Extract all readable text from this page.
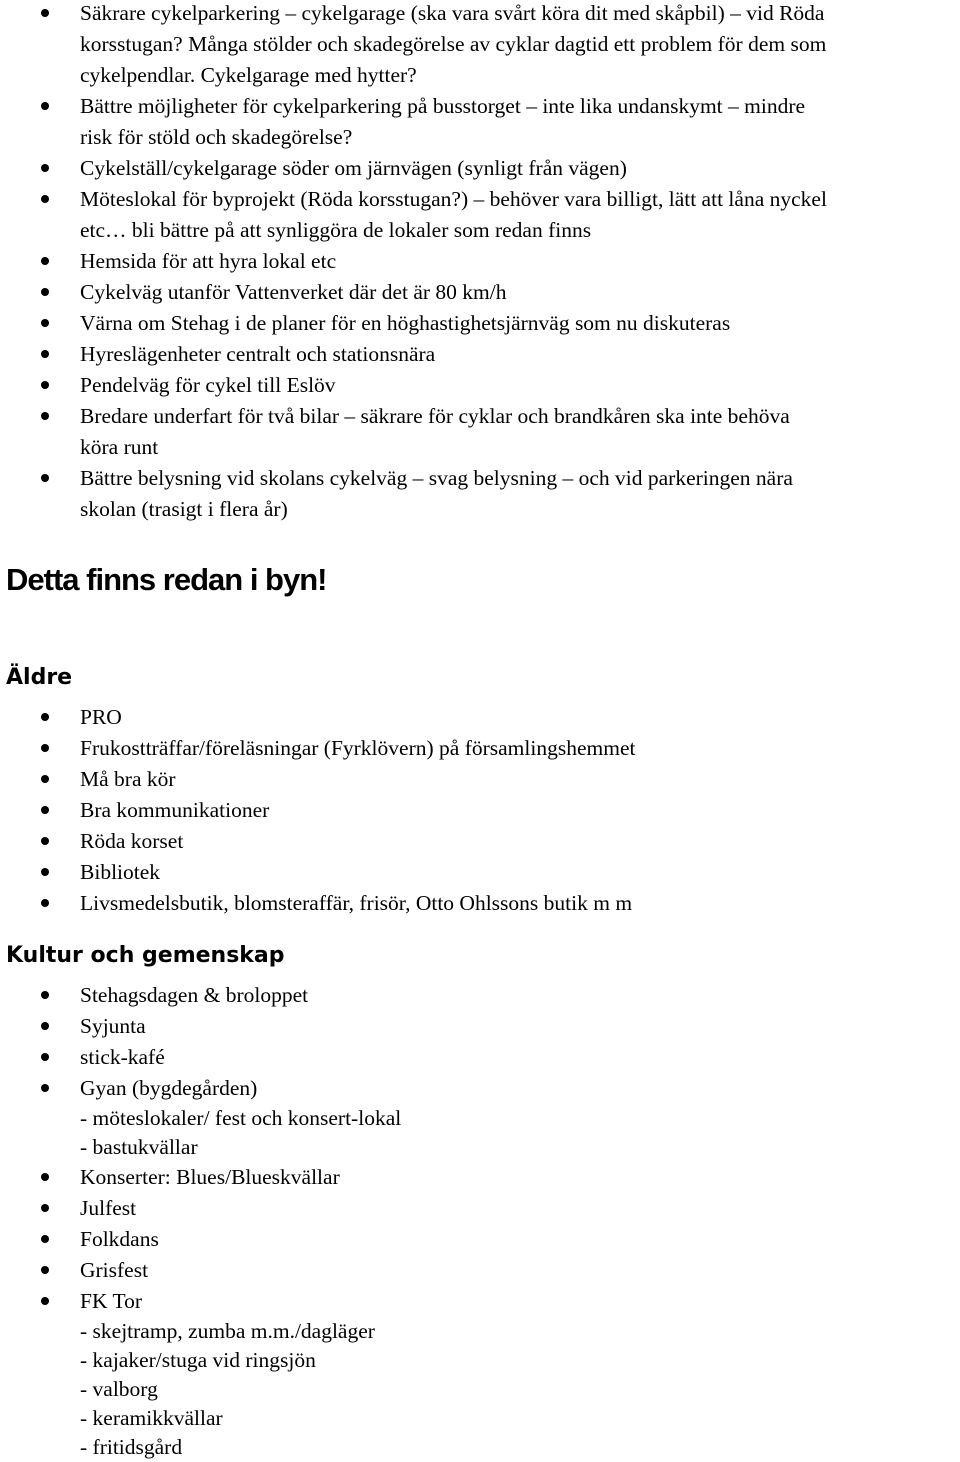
Säkrare cykelparkering – cykelgarage (ska vara svårt köra dit med skåpbil) – vid Röda
korsstugan? Många stölder och skadegörelse av cyklar dagtid ett problem för dem som
cykelpendlar. Cykelgarage med hytter?
Bättre möjligheter för cykelparkering på busstorget – inte lika undanskymt – mindre
risk för stöld och skadegörelse?
Cykelställ/cykelgarage söder om järnvägen (synligt från vägen)
Möteslokal för byprojekt (Röda korsstugan?) – behöver vara billigt, lätt att låna nyckel
etc… bli bättre på att synliggöra de lokaler som redan finns
Hemsida för att hyra lokal etc
Cykelväg utanför Vattenverket där det är 80 km/h
Värna om Stehag i de planer för en höghastighetsjärnväg som nu diskuteras
Hyreslägenheter centralt och stationsnära
Pendelväg för cykel till Eslöv
Bredare underfart för två bilar – säkrare för cyklar och brandkåren ska inte behöva
köra runt
Bättre belysning vid skolans cykelväg – svag belysning – och vid parkeringen nära
skolan (trasigt i flera år)
Detta finns redan i byn!
Äldre
PRO
Frukostträffar/föreläsningar (Fyrklövern) på församlingshemmet
Må bra kör
Bra kommunikationer
Röda korset
Bibliotek
Livsmedelsbutik, blomsteraffär, frisör, Otto Ohlssons butik m m
Kultur och gemenskap
Stehagsdagen & broloppet
Syjunta
stick-kafé
Gyan (bygdegården)
- möteslokaler/ fest och konsert-lokal
- bastukvällar
Konserter: Blues/Blueskvällar
Julfest
Folkdans
Grisfest
FK Tor
- skejtramp, zumba m.m./dagläger
- kajaker/stuga vid ringsjön
- valborg
- keramikkvällar
- fritidsgård
